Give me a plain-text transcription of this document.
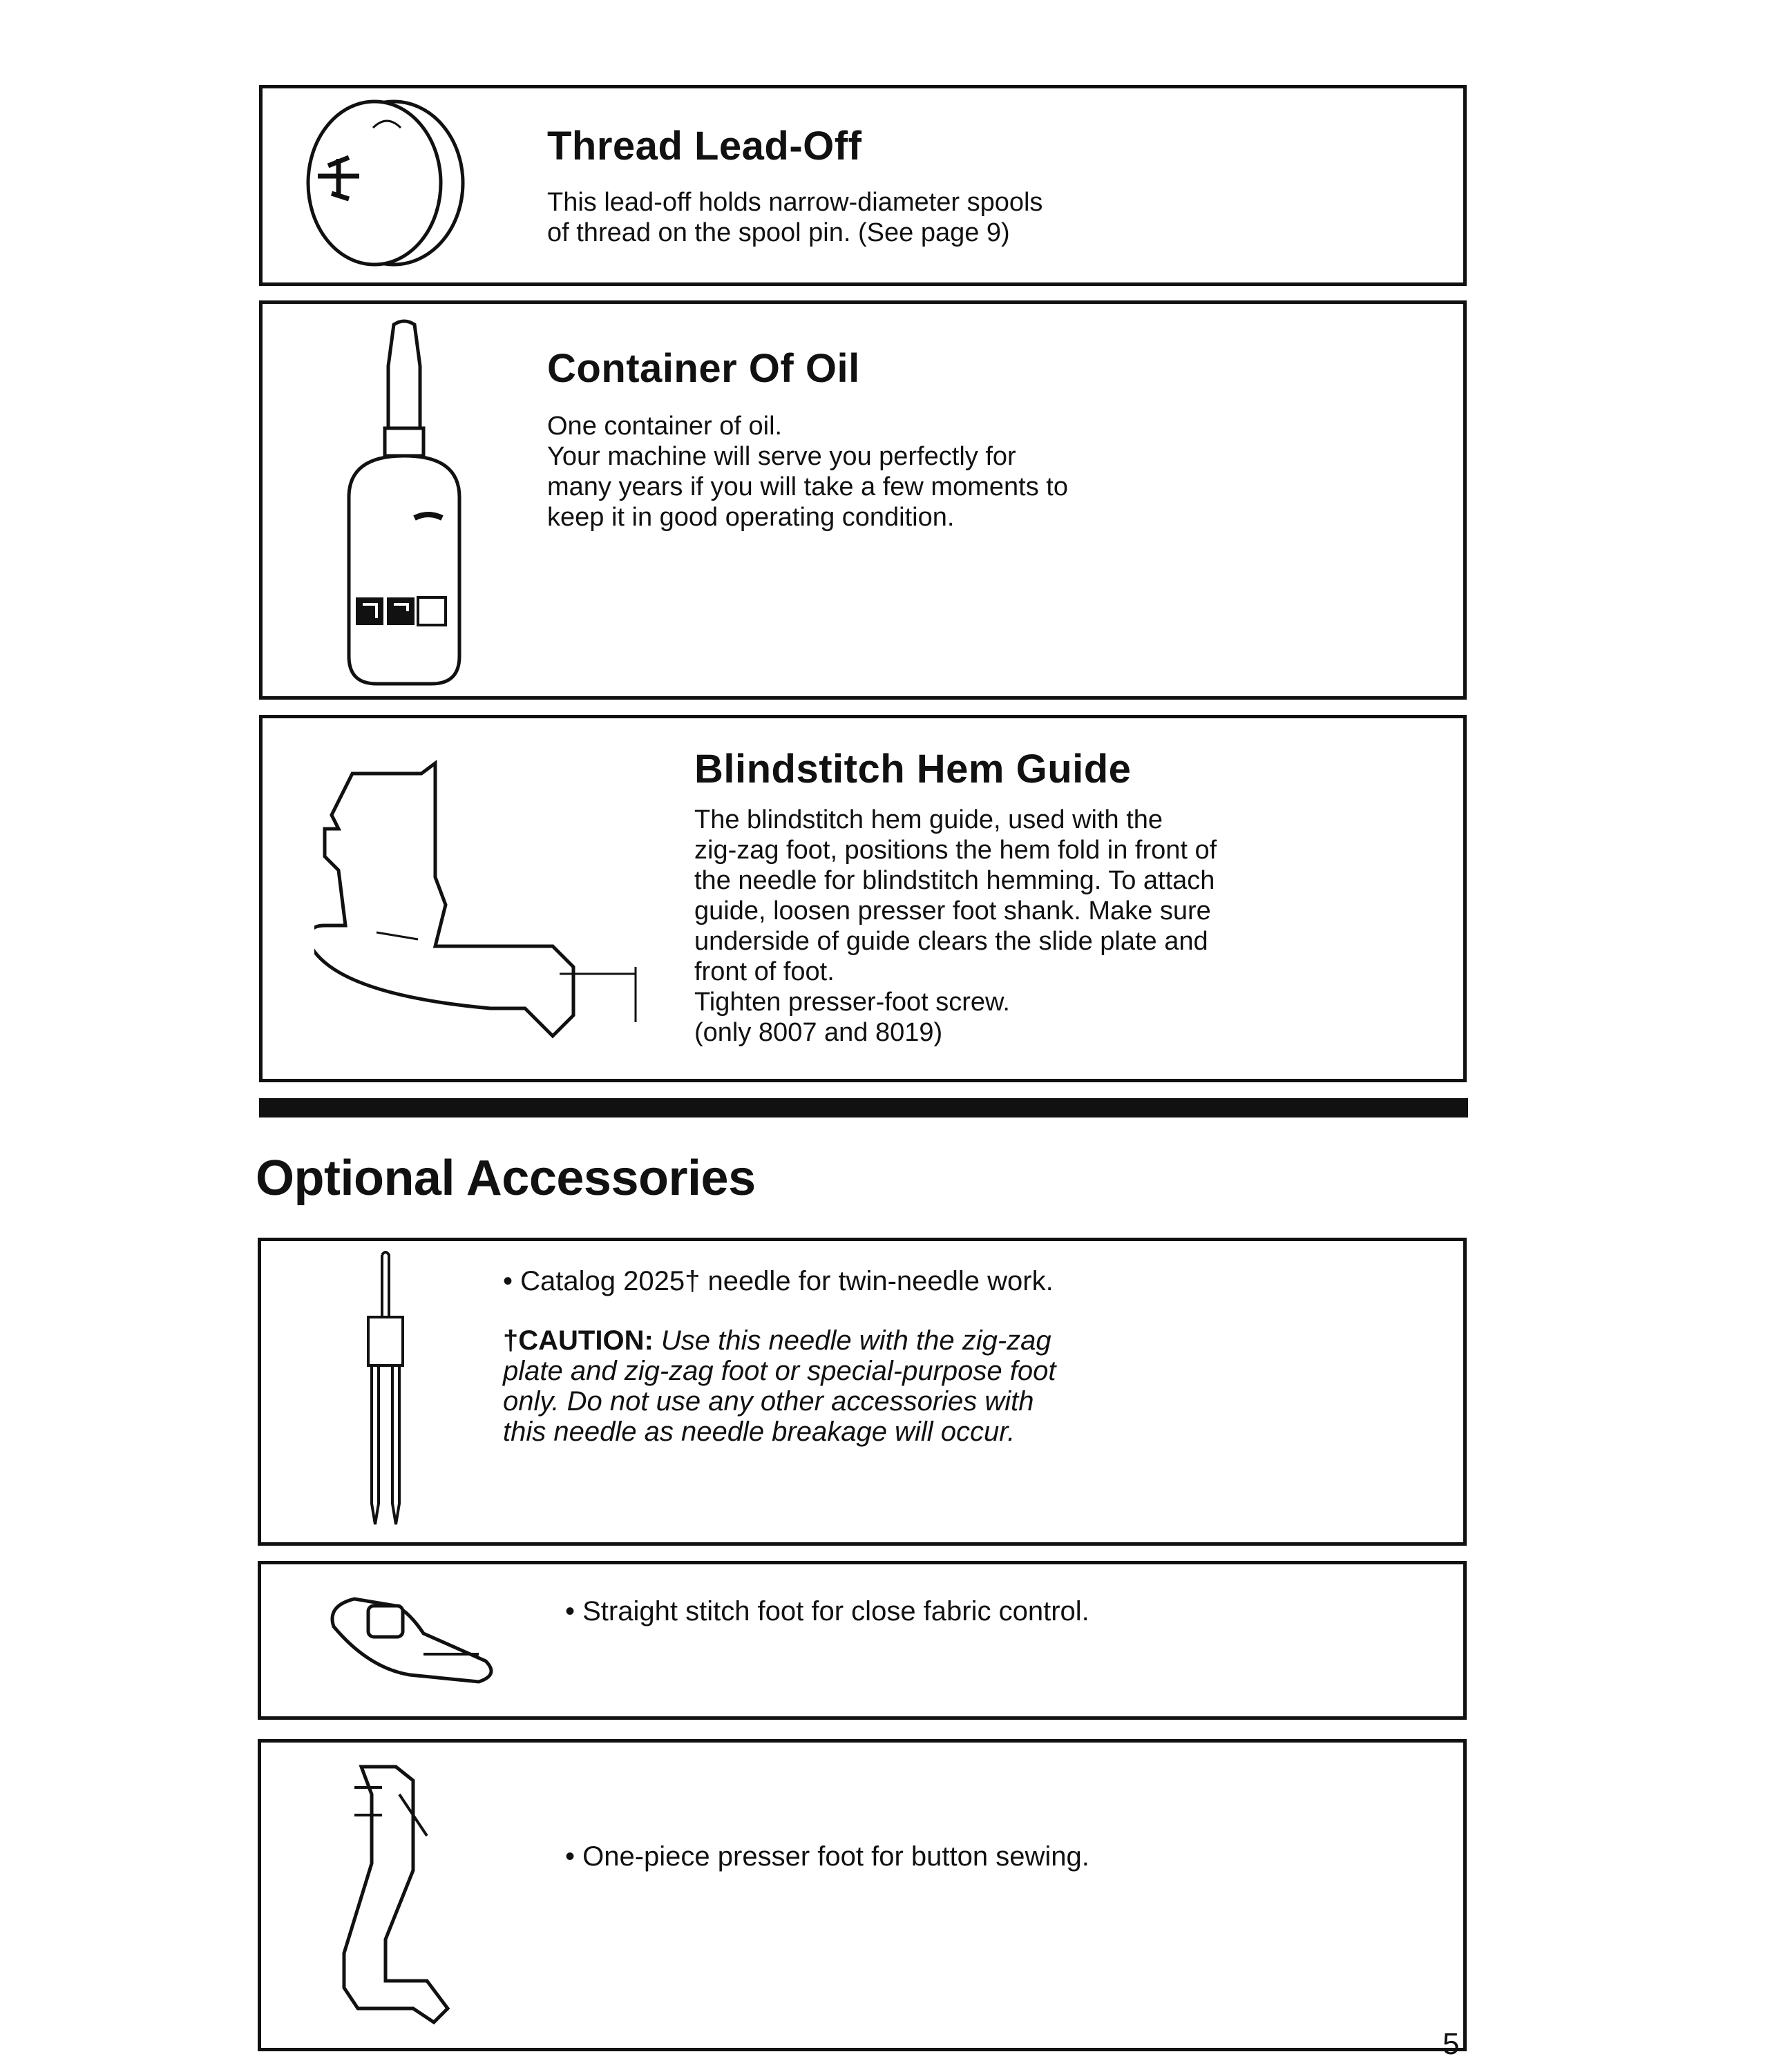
Thread Lead-Off
This lead-off holds narrow-diameter spools
of thread on the spool pin. (See page 9)
Container Of Oil
One container of oil.
Your machine will serve you perfectly for
many years if you will take a few moments to
keep it in good operating condition.
Blindstitch Hem Guide
The blindstitch hem guide, used with the
zig-zag foot, positions the hem fold in front of
the needle for blindstitch hemming. To attach
guide, loosen presser foot shank. Make sure
underside of guide clears the slide plate and
front of foot.
Tighten presser-foot screw.
(only 8007 and 8019)
Optional Accessories
• Catalog 2025† needle for twin-needle work.
†CAUTION: Use this needle with the zig-zag
plate and zig-zag foot or special-purpose foot
only. Do not use any other accessories with
this needle as needle breakage will occur.
• Straight stitch foot for close fabric control.
• One-piece presser foot for button sewing.
5
